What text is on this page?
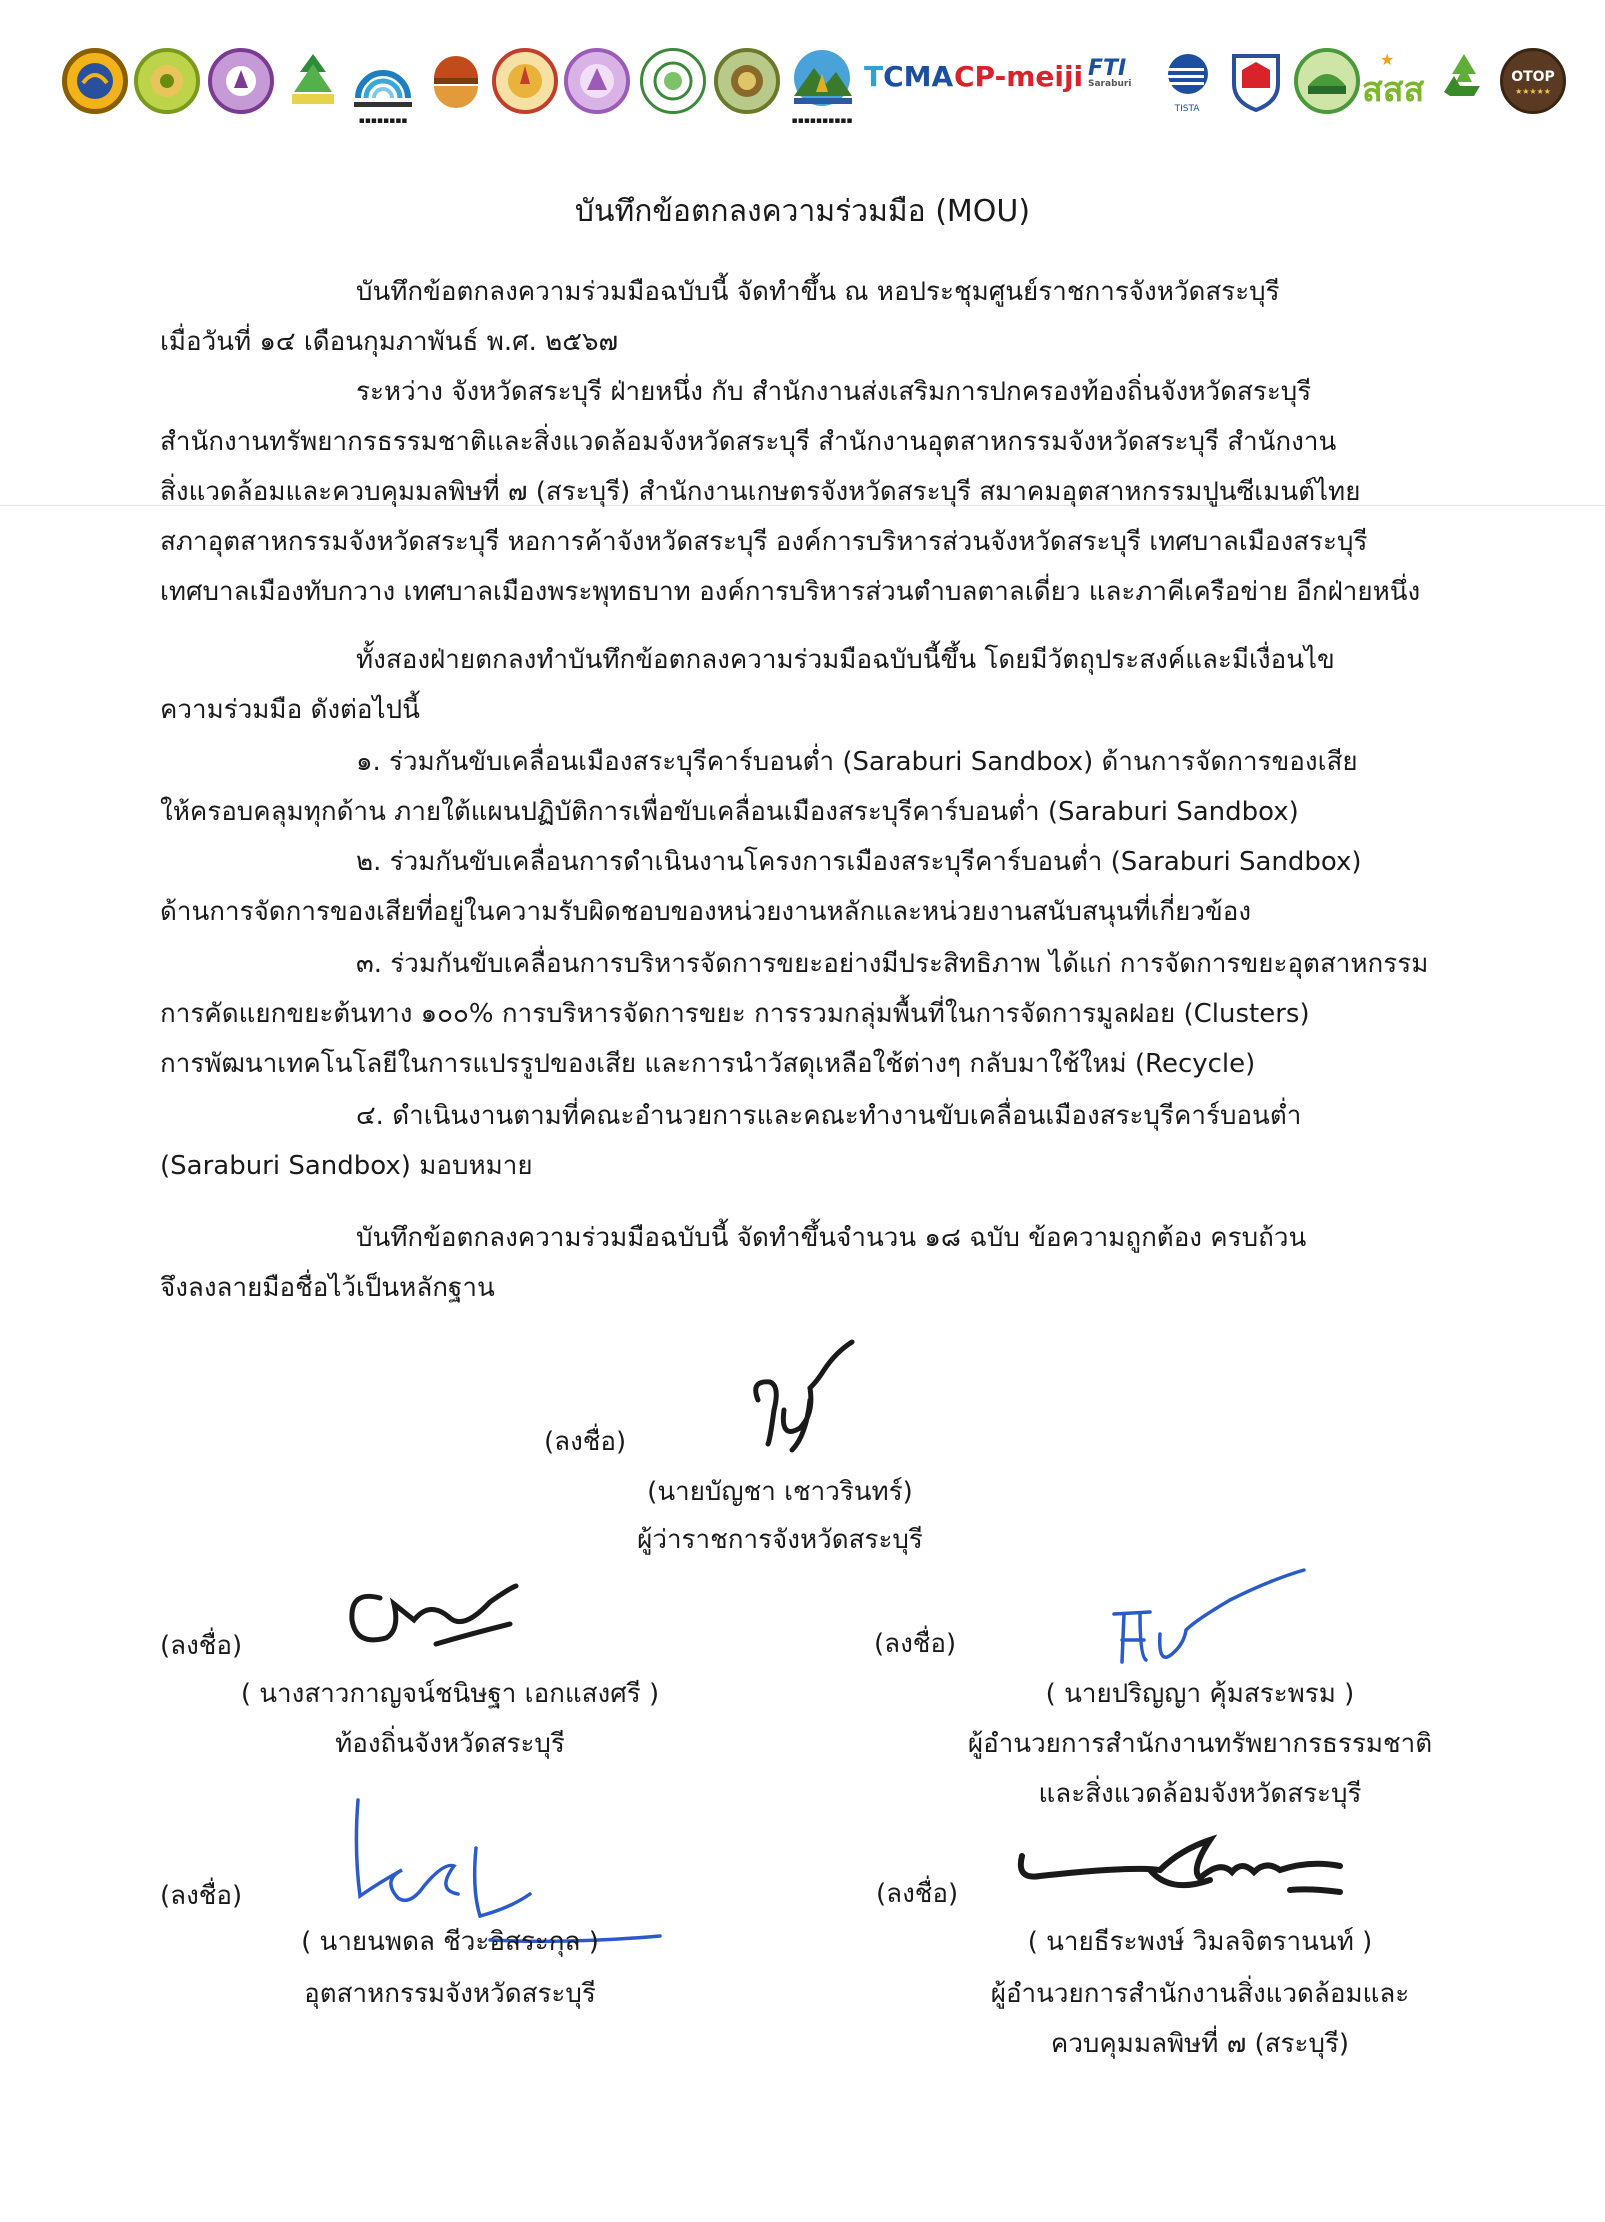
▪▪▪▪▪▪▪▪	▪▪▪▪▪▪▪▪▪▪
TCMA CP-meiji FTI
Saraburi
TISTA	สสส
★
OTOP
★★★★★
บันทึกข้อตกลงความร่วมมือ (MOU)
บันทึกข้อตกลงความร่วมมือฉบับนี้ จัดทำขึ้น ณ หอประชุมศูนย์ราชการจังหวัดสระบุรี
เมื่อวันที่ ๑๔ เดือนกุมภาพันธ์ พ.ศ. ๒๕๖๗
ระหว่าง จังหวัดสระบุรี ฝ่ายหนึ่ง กับ สำนักงานส่งเสริมการปกครองท้องถิ่นจังหวัดสระบุรี
สำนักงานทรัพยากรธรรมชาติและสิ่งแวดล้อมจังหวัดสระบุรี สำนักงานอุตสาหกรรมจังหวัดสระบุรี สำนักงาน
สิ่งแวดล้อมและควบคุมมลพิษที่ ๗ (สระบุรี) สำนักงานเกษตรจังหวัดสระบุรี สมาคมอุตสาหกรรมปูนซีเมนต์ไทย
สภาอุตสาหกรรมจังหวัดสระบุรี หอการค้าจังหวัดสระบุรี องค์การบริหารส่วนจังหวัดสระบุรี เทศบาลเมืองสระบุรี
เทศบาลเมืองทับกวาง เทศบาลเมืองพระพุทธบาท องค์การบริหารส่วนตำบลตาลเดี่ยว และภาคีเครือข่าย อีกฝ่ายหนึ่ง
ทั้งสองฝ่ายตกลงทำบันทึกข้อตกลงความร่วมมือฉบับนี้ขึ้น โดยมีวัตถุประสงค์และมีเงื่อนไข
ความร่วมมือ ดังต่อไปนี้
๑. ร่วมกันขับเคลื่อนเมืองสระบุรีคาร์บอนต่ำ (Saraburi Sandbox) ด้านการจัดการของเสีย
ให้ครอบคลุมทุกด้าน ภายใต้แผนปฏิบัติการเพื่อขับเคลื่อนเมืองสระบุรีคาร์บอนต่ำ (Saraburi Sandbox)
๒. ร่วมกันขับเคลื่อนการดำเนินงานโครงการเมืองสระบุรีคาร์บอนต่ำ (Saraburi Sandbox)
ด้านการจัดการของเสียที่อยู่ในความรับผิดชอบของหน่วยงานหลักและหน่วยงานสนับสนุนที่เกี่ยวข้อง
๓. ร่วมกันขับเคลื่อนการบริหารจัดการขยะอย่างมีประสิทธิภาพ ได้แก่ การจัดการขยะอุตสาหกรรม
การคัดแยกขยะต้นทาง ๑๐๐% การบริหารจัดการขยะ การรวมกลุ่มพื้นที่ในการจัดการมูลฝอย (Clusters)
การพัฒนาเทคโนโลยีในการแปรรูปของเสีย และการนำวัสดุเหลือใช้ต่างๆ กลับมาใช้ใหม่ (Recycle)
๔. ดำเนินงานตามที่คณะอำนวยการและคณะทำงานขับเคลื่อนเมืองสระบุรีคาร์บอนต่ำ
(Saraburi Sandbox) มอบหมาย
บันทึกข้อตกลงความร่วมมือฉบับนี้ จัดทำขึ้นจำนวน ๑๘ ฉบับ ข้อความถูกต้อง ครบถ้วน
จึงลงลายมือชื่อไว้เป็นหลักฐาน
(ลงชื่อ)
(นายบัญชา เชาวรินทร์)
ผู้ว่าราชการจังหวัดสระบุรี
(ลงชื่อ)
( นางสาวกาญจน์ชนิษฐา เอกแสงศรี )
ท้องถิ่นจังหวัดสระบุรี
(ลงชื่อ)
( นายปริญญา คุ้มสระพรม )
ผู้อำนวยการสำนักงานทรัพยากรธรรมชาติ
และสิ่งแวดล้อมจังหวัดสระบุรี
(ลงชื่อ)
( นายนพดล ชีวะอิสระกุล )
อุตสาหกรรมจังหวัดสระบุรี
(ลงชื่อ)
( นายธีระพงษ์ วิมลจิตรานนท์ )
ผู้อำนวยการสำนักงานสิ่งแวดล้อมและ
ควบคุมมลพิษที่ ๗ (สระบุรี)
